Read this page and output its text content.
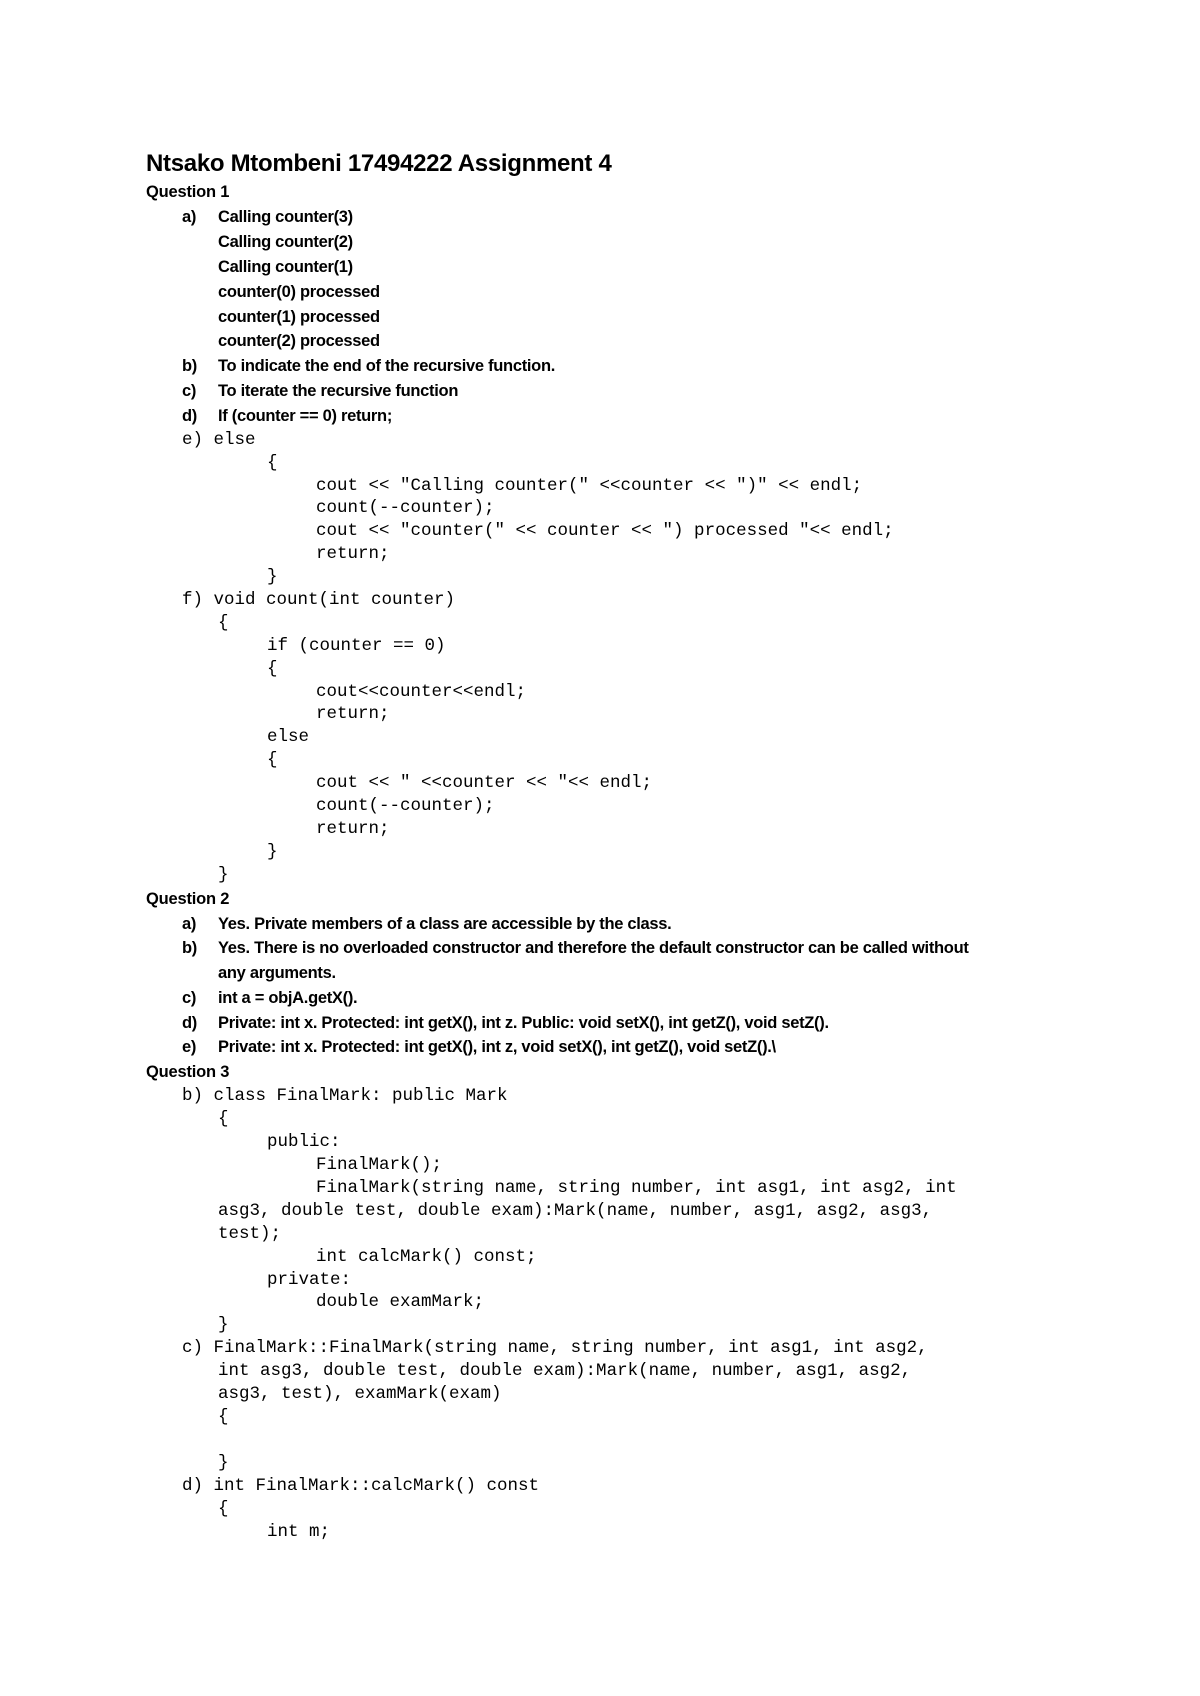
Ntsako Mtombeni 17494222 Assignment 4
Question 1
a) Calling counter(3)
Calling counter(2)
Calling counter(1)
counter(0) processed
counter(1) processed
counter(2) processed
b) To indicate the end of the recursive function.
c) To iterate the recursive function
d) If (counter == 0) return;
e) else
{
cout << "Calling counter(" <<counter << ")" << endl;
count(--counter);
cout << "counter(" << counter << ") processed "<< endl;
return;
}
f) void count(int counter)
{
if (counter == 0)
{
cout<<counter<<endl;
return;
else
{
cout << " <<counter << "<< endl;
count(--counter);
return;
}
}
Question 2
a) Yes. Private members of a class are accessible by the class.
b) Yes. There is no overloaded constructor and therefore the default constructor can be called without
any arguments.
c) int a = objA.getX().
d) Private: int x. Protected: int getX(), int z. Public: void setX(), int getZ(), void setZ().
e) Private: int x. Protected: int getX(), int z, void setX(), int getZ(), void setZ().\
Question 3
b) class FinalMark: public Mark
{
public:
FinalMark();
FinalMark(string name, string number, int asg1, int asg2, int
asg3, double test, double exam):Mark(name, number, asg1, asg2, asg3,
test);
int calcMark() const;
private:
double examMark;
}
c) FinalMark::FinalMark(string name, string number, int asg1, int asg2,
int asg3, double test, double exam):Mark(name, number, asg1, asg2,
asg3, test), examMark(exam)
{
}
d) int FinalMark::calcMark() const
{
int m;
